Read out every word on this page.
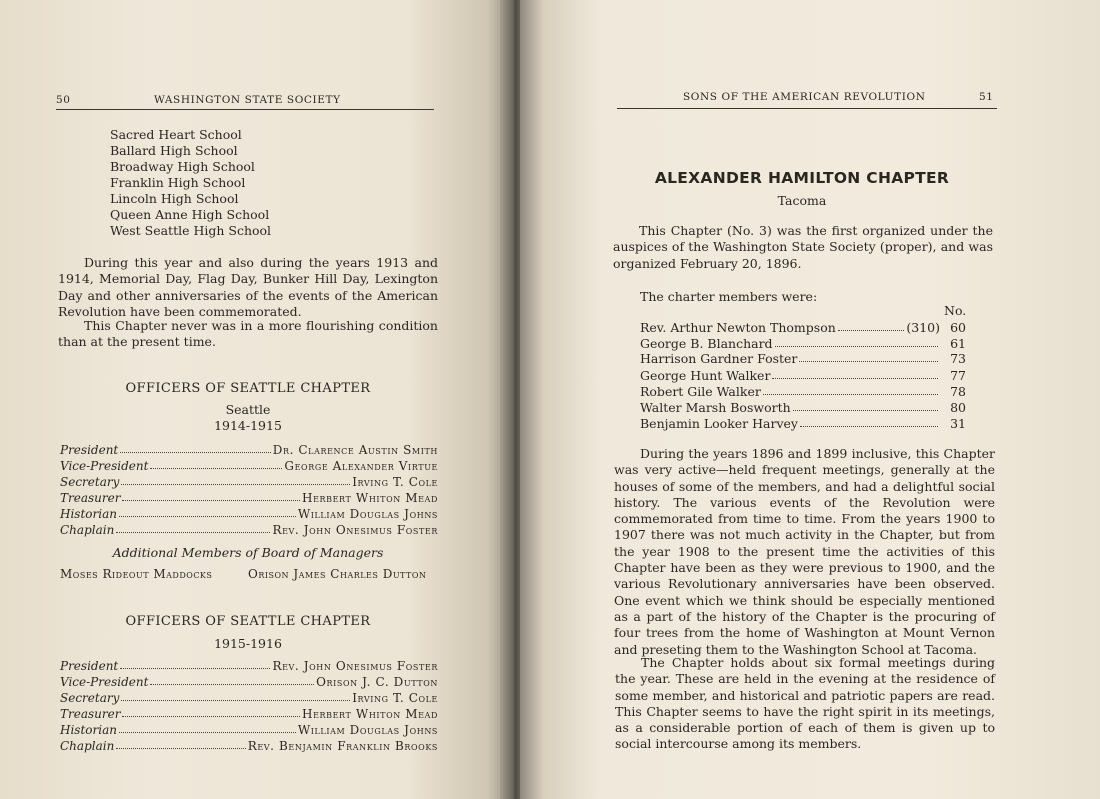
50	WASHINGTON STATE SOCIETY
Sacred Heart School
Ballard High School
Broadway High School
Franklin High School
Lincoln High School
Queen Anne High School
West Seattle High School
During this year and also during the years 1913 and 1914, Memorial Day, Flag Day, Bunker Hill Day, Lexington Day and other anniversaries of the events of the American Revolution have been commemorated.
This Chapter never was in a more flourishing condition than at the present time.
OFFICERS OF SEATTLE CHAPTER
Seattle
1914-1915
President	Dr. Clarence Austin Smith
Vice-President	George Alexander Virtue
Secretary	Irving T. Cole
Treasurer	Herbert Whiton Mead
Historian	William Douglas Johns
Chaplain	Rev. John Onesimus Foster
Additional Members of Board of Managers
Moses Rideout Maddocks	Orison James Charles Dutton
OFFICERS OF SEATTLE CHAPTER
1915-1916
President	Rev. John Onesimus Foster
Vice-President	Orison J. C. Dutton
Secretary	Irving T. Cole
Treasurer	Herbert Whiton Mead
Historian	William Douglas Johns
Chaplain	Rev. Benjamin Franklin Brooks
SONS OF THE AMERICAN REVOLUTION	51
ALEXANDER HAMILTON CHAPTER
Tacoma
This Chapter (No. 3) was the first organized under the auspices of the Washington State Society (proper), and was organized February 20, 1896.
The charter members were:
No.
Rev. Arthur Newton Thompson	(310) 60
George B. Blanchard	61
Harrison Gardner Foster	73
George Hunt Walker	77
Robert Gile Walker	78
Walter Marsh Bosworth	80
Benjamin Looker Harvey	31
During the years 1896 and 1899 inclusive, this Chapter was very active—held frequent meetings, generally at the houses of some of the members, and had a delightful social history. The various events of the Revolution were commemorated from time to time. From the years 1900 to 1907 there was not much activity in the Chapter, but from the year 1908 to the present time the activities of this Chapter have been as they were previous to 1900, and the various Revolutionary anniversaries have been observed. One event which we think should be especially mentioned as a part of the history of the Chapter is the procuring of four trees from the home of Washington at Mount Vernon and preseting them to the Washington School at Tacoma.
The Chapter holds about six formal meetings during the year. These are held in the evening at the residence of some member, and historical and patriotic papers are read. This Chapter seems to have the right spirit in its meetings, as a considerable portion of each of them is given up to social intercourse among its members.
